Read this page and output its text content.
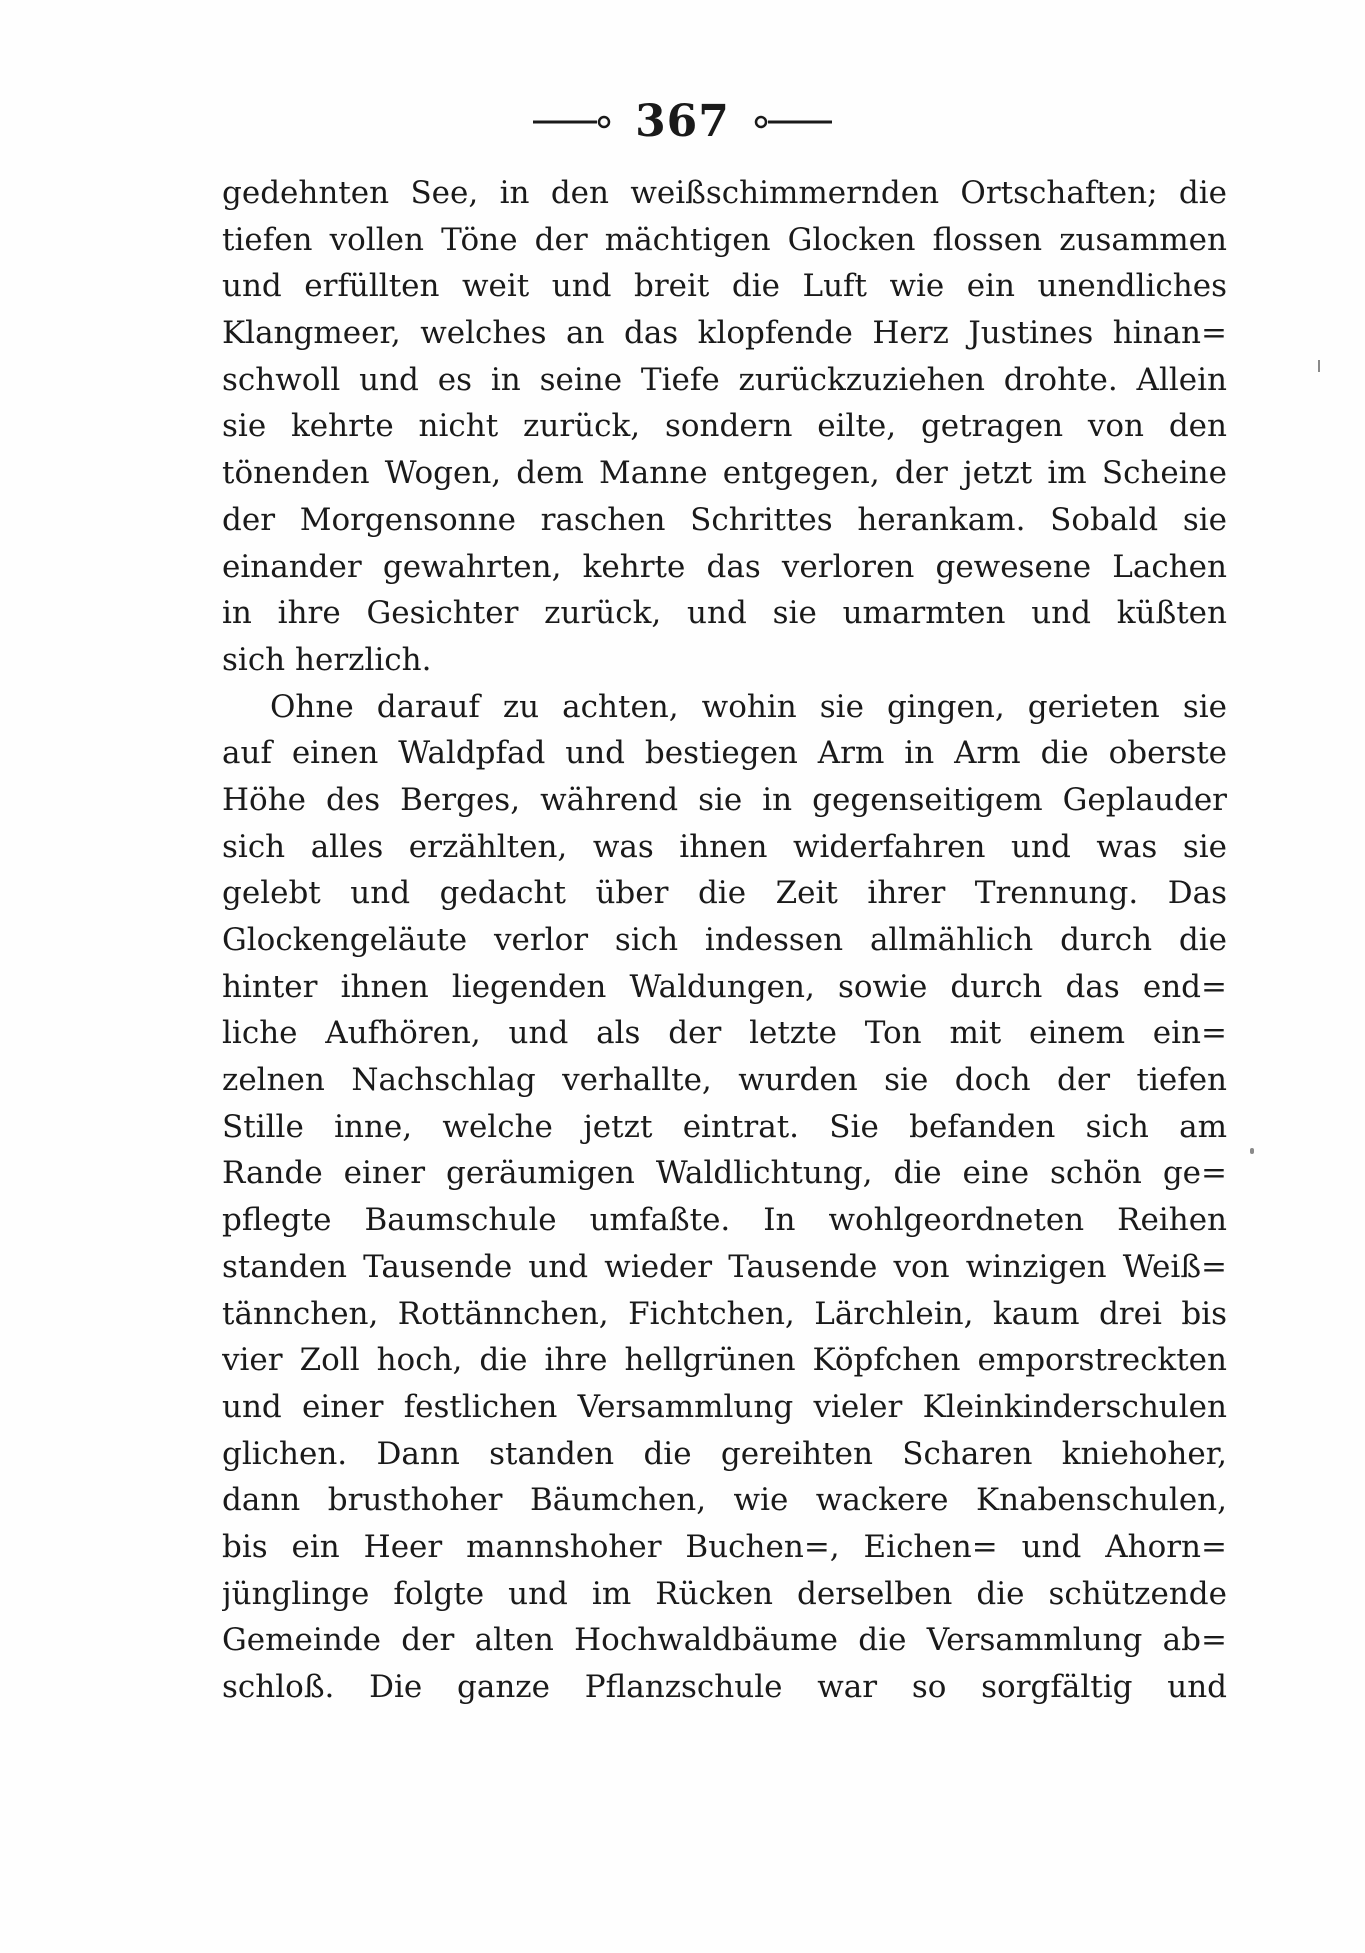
367
gedehnten See, in den weißschimmernden Ortschaften; die
tiefen vollen Töne der mächtigen Glocken flossen zusammen
und erfüllten weit und breit die Luft wie ein unendliches
Klangmeer, welches an das klopfende Herz Justines hinan=
schwoll und es in seine Tiefe zurückzuziehen drohte. Allein
sie kehrte nicht zurück, sondern eilte, getragen von den
tönenden Wogen, dem Manne entgegen, der jetzt im Scheine
der Morgensonne raschen Schrittes herankam. Sobald sie
einander gewahrten, kehrte das verloren gewesene Lachen
in ihre Gesichter zurück, und sie umarmten und küßten
sich herzlich.
Ohne darauf zu achten, wohin sie gingen, gerieten sie
auf einen Waldpfad und bestiegen Arm in Arm die oberste
Höhe des Berges, während sie in gegenseitigem Geplauder
sich alles erzählten, was ihnen widerfahren und was sie
gelebt und gedacht über die Zeit ihrer Trennung. Das
Glockengeläute verlor sich indessen allmählich durch die
hinter ihnen liegenden Waldungen, sowie durch das end=
liche Aufhören, und als der letzte Ton mit einem ein=
zelnen Nachschlag verhallte, wurden sie doch der tiefen
Stille inne, welche jetzt eintrat. Sie befanden sich am
Rande einer geräumigen Waldlichtung, die eine schön ge=
pflegte Baumschule umfaßte. In wohlgeordneten Reihen
standen Tausende und wieder Tausende von winzigen Weiß=
tännchen, Rottännchen, Fichtchen, Lärchlein, kaum drei bis
vier Zoll hoch, die ihre hellgrünen Köpfchen emporstreckten
und einer festlichen Versammlung vieler Kleinkinderschulen
glichen. Dann standen die gereihten Scharen kniehoher,
dann brusthoher Bäumchen, wie wackere Knabenschulen,
bis ein Heer mannshoher Buchen=, Eichen= und Ahorn=
jünglinge folgte und im Rücken derselben die schützende
Gemeinde der alten Hochwaldbäume die Versammlung ab=
schloß. Die ganze Pflanzschule war so sorgfältig und
